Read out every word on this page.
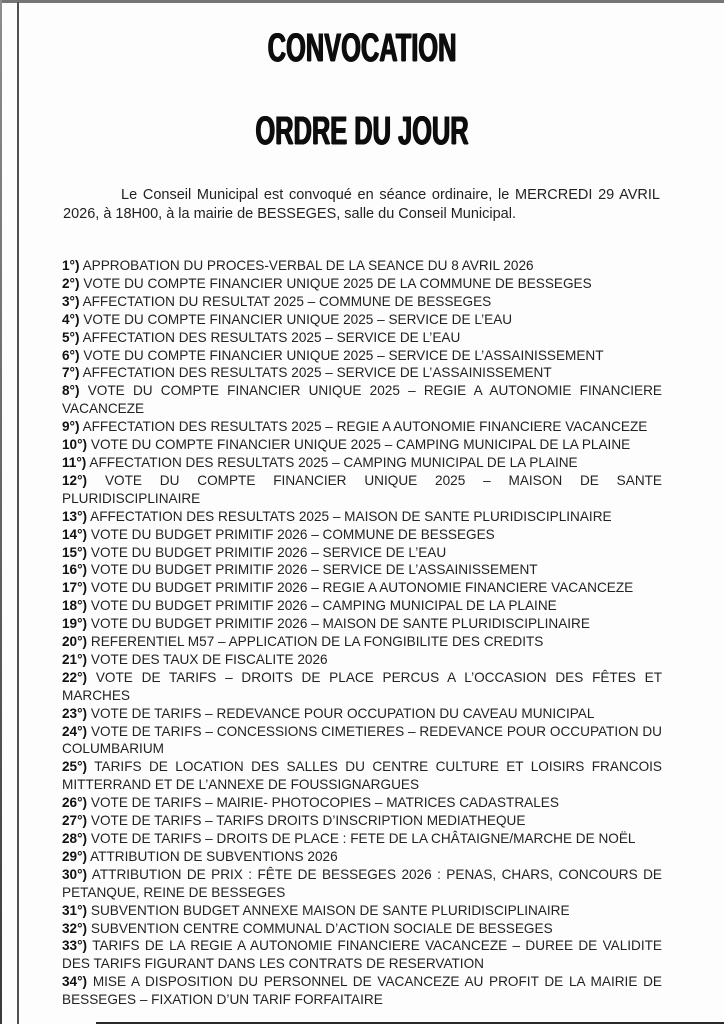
CONVOCATION
ORDRE DU JOUR

Le Conseil Municipal est convoqué en séance ordinaire, le MERCREDI 29 AVRIL 2026, à 18H00, à la mairie de BESSEGES, salle du Conseil Municipal.

1°) APPROBATION DU PROCES-VERBAL DE LA SEANCE DU 8 AVRIL 2026
2°) VOTE DU COMPTE FINANCIER UNIQUE 2025 DE LA COMMUNE DE BESSEGES
3°) AFFECTATION DU RESULTAT 2025 – COMMUNE DE BESSEGES
4°) VOTE DU COMPTE FINANCIER UNIQUE 2025 – SERVICE DE L’EAU
5°) AFFECTATION DES RESULTATS 2025 – SERVICE DE L’EAU
6°) VOTE DU COMPTE FINANCIER UNIQUE 2025 – SERVICE DE L’ASSAINISSEMENT
7°) AFFECTATION DES RESULTATS 2025 – SERVICE DE L’ASSAINISSEMENT
8°) VOTE DU COMPTE FINANCIER UNIQUE 2025 – REGIE A AUTONOMIE FINANCIERE VACANCEZE
9°) AFFECTATION DES RESULTATS 2025 – REGIE A AUTONOMIE FINANCIERE VACANCEZE
10°) VOTE DU COMPTE FINANCIER UNIQUE 2025 – CAMPING MUNICIPAL DE LA PLAINE
11°) AFFECTATION DES RESULTATS 2025 – CAMPING MUNICIPAL DE LA PLAINE
12°) VOTE DU COMPTE FINANCIER UNIQUE 2025 – MAISON DE SANTE PLURIDISCIPLINAIRE
13°) AFFECTATION DES RESULTATS 2025 – MAISON DE SANTE PLURIDISCIPLINAIRE
14°) VOTE DU BUDGET PRIMITIF 2026 – COMMUNE DE BESSEGES
15°) VOTE DU BUDGET PRIMITIF 2026 – SERVICE DE L’EAU
16°) VOTE DU BUDGET PRIMITIF 2026 – SERVICE DE L’ASSAINISSEMENT
17°) VOTE DU BUDGET PRIMITIF 2026 – REGIE A AUTONOMIE FINANCIERE VACANCEZE
18°) VOTE DU BUDGET PRIMITIF 2026 – CAMPING MUNICIPAL DE LA PLAINE
19°) VOTE DU BUDGET PRIMITIF 2026 – MAISON DE SANTE PLURIDISCIPLINAIRE
20°) REFERENTIEL M57 – APPLICATION DE LA FONGIBILITE DES CREDITS
21°) VOTE DES TAUX DE FISCALITE 2026
22°) VOTE DE TARIFS – DROITS DE PLACE PERCUS A L’OCCASION DES FÊTES ET MARCHES
23°) VOTE DE TARIFS – REDEVANCE POUR OCCUPATION DU CAVEAU MUNICIPAL
24°) VOTE DE TARIFS – CONCESSIONS CIMETIERES – REDEVANCE POUR OCCUPATION DU COLUMBARIUM
25°) TARIFS DE LOCATION DES SALLES DU CENTRE CULTURE ET LOISIRS FRANCOIS MITTERRAND ET DE L’ANNEXE DE FOUSSIGNARGUES
26°) VOTE DE TARIFS – MAIRIE- PHOTOCOPIES – MATRICES CADASTRALES
27°) VOTE DE TARIFS – TARIFS DROITS D’INSCRIPTION MEDIATHEQUE
28°) VOTE DE TARIFS – DROITS DE PLACE : FETE DE LA CHÂTAIGNE/MARCHE DE NOËL
29°) ATTRIBUTION DE SUBVENTIONS 2026
30°) ATTRIBUTION DE PRIX : FÊTE DE BESSEGES 2026 : PENAS, CHARS, CONCOURS DE PETANQUE, REINE DE BESSEGES
31°) SUBVENTION BUDGET ANNEXE MAISON DE SANTE PLURIDISCIPLINAIRE
32°) SUBVENTION CENTRE COMMUNAL D’ACTION SOCIALE DE BESSEGES
33°) TARIFS DE LA REGIE A AUTONOMIE FINANCIERE VACANCEZE – DUREE DE VALIDITE DES TARIFS FIGURANT DANS LES CONTRATS DE RESERVATION
34°) MISE A DISPOSITION DU PERSONNEL DE VACANCEZE AU PROFIT DE LA MAIRIE DE BESSEGES – FIXATION D’UN TARIF FORFAITAIRE
